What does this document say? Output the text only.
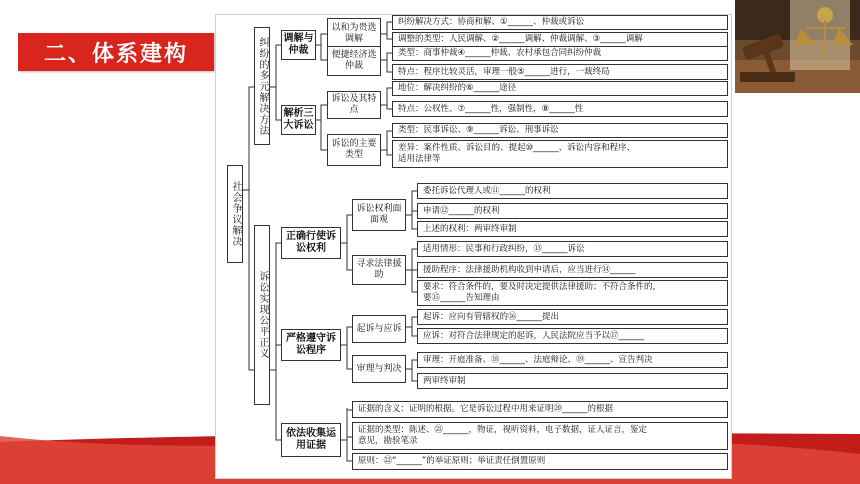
二、体系建构
社会争议解决
纠纷的多元解决方法 调解与仲裁
解析三大诉讼
以和为贵选调解
便捷经济选仲裁
诉讼及其特点
诉讼的主要类型
纠纷解决方式：协商和解、①______、仲裁或诉讼
调整的类型：人民调解、②______调解、仲裁调解、③______调解
类型：商事仲裁④______仲裁、农村承包合同纠纷仲裁
特点：程序比较灵活，审理一般⑤______进行，一裁终局
地位：解决纠纷的⑥______途径
特点：公权性、⑦______性，强制性，⑧______性
类型：民事诉讼、⑨______诉讼、刑事诉讼
差异：案件性质、诉讼目的、提起⑩______、诉讼内容和程序、
适用法律等
诉讼实现公平正义
正确行使诉讼权利
严格遵守诉讼程序
依法收集运用证据
诉讼权利面面观
寻求法律援助
起诉与应诉
审理与判决
委托诉讼代理人或⑪______的权利
申请⑫______的权利
上述的权利：两审终审制
适用情形：民事和行政纠纷，⑬______诉讼
援助程序：法律援助机构收到申请后，应当进行⑭______
要求：符合条件的，要及时决定提供法律援助；不符合条件的，
要⑮______告知理由
起诉：应向有管辖权的⑯______提出
应诉：对符合法律规定的起诉，人民法院应当予以⑰______
审理：开庭准备、⑱______、法庭辩论、⑲______、宣告判决
两审终审制
证据的含义：证明的根据。它是诉讼过程中用来证明⑳______的根据
证据的类型：陈述、㉑______，物证，视听资料，电子数据，证人证言，鉴定
意见，勘验笔录
原则：㉒“______”的举证原则；举证责任倒置原则
